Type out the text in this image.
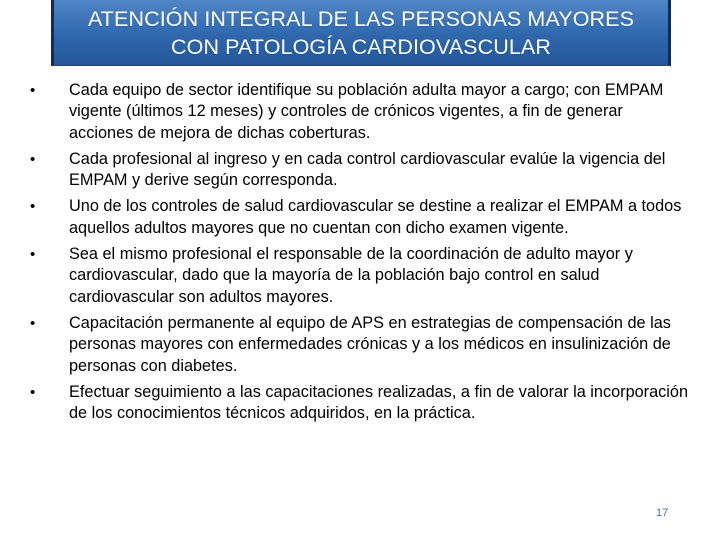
ATENCIÓN INTEGRAL DE LAS PERSONAS MAYORES
CON PATOLOGÍA CARDIOVASCULAR
• Cada equipo de sector identifique su población adulta mayor a cargo; con EMPAM vigente (últimos 12 meses) y controles de crónicos vigentes, a fin de generar acciones de mejora de dichas coberturas.
• Cada profesional al ingreso y en cada control cardiovascular evalúe la vigencia del EMPAM y derive según corresponda.
• Uno de los controles de salud cardiovascular se destine a realizar el EMPAM a todos aquellos adultos mayores que no cuentan con dicho examen vigente.
• Sea el mismo profesional el responsable de la coordinación de adulto mayor y cardiovascular, dado que la mayoría de la población bajo control en salud cardiovascular son adultos mayores.
• Capacitación permanente al equipo de APS en estrategias de compensación de las personas mayores con enfermedades crónicas y a los médicos en insulinización de personas con diabetes.
• Efectuar seguimiento a las capacitaciones realizadas, a fin de valorar la incorporación de los conocimientos técnicos adquiridos, en la práctica.
17
